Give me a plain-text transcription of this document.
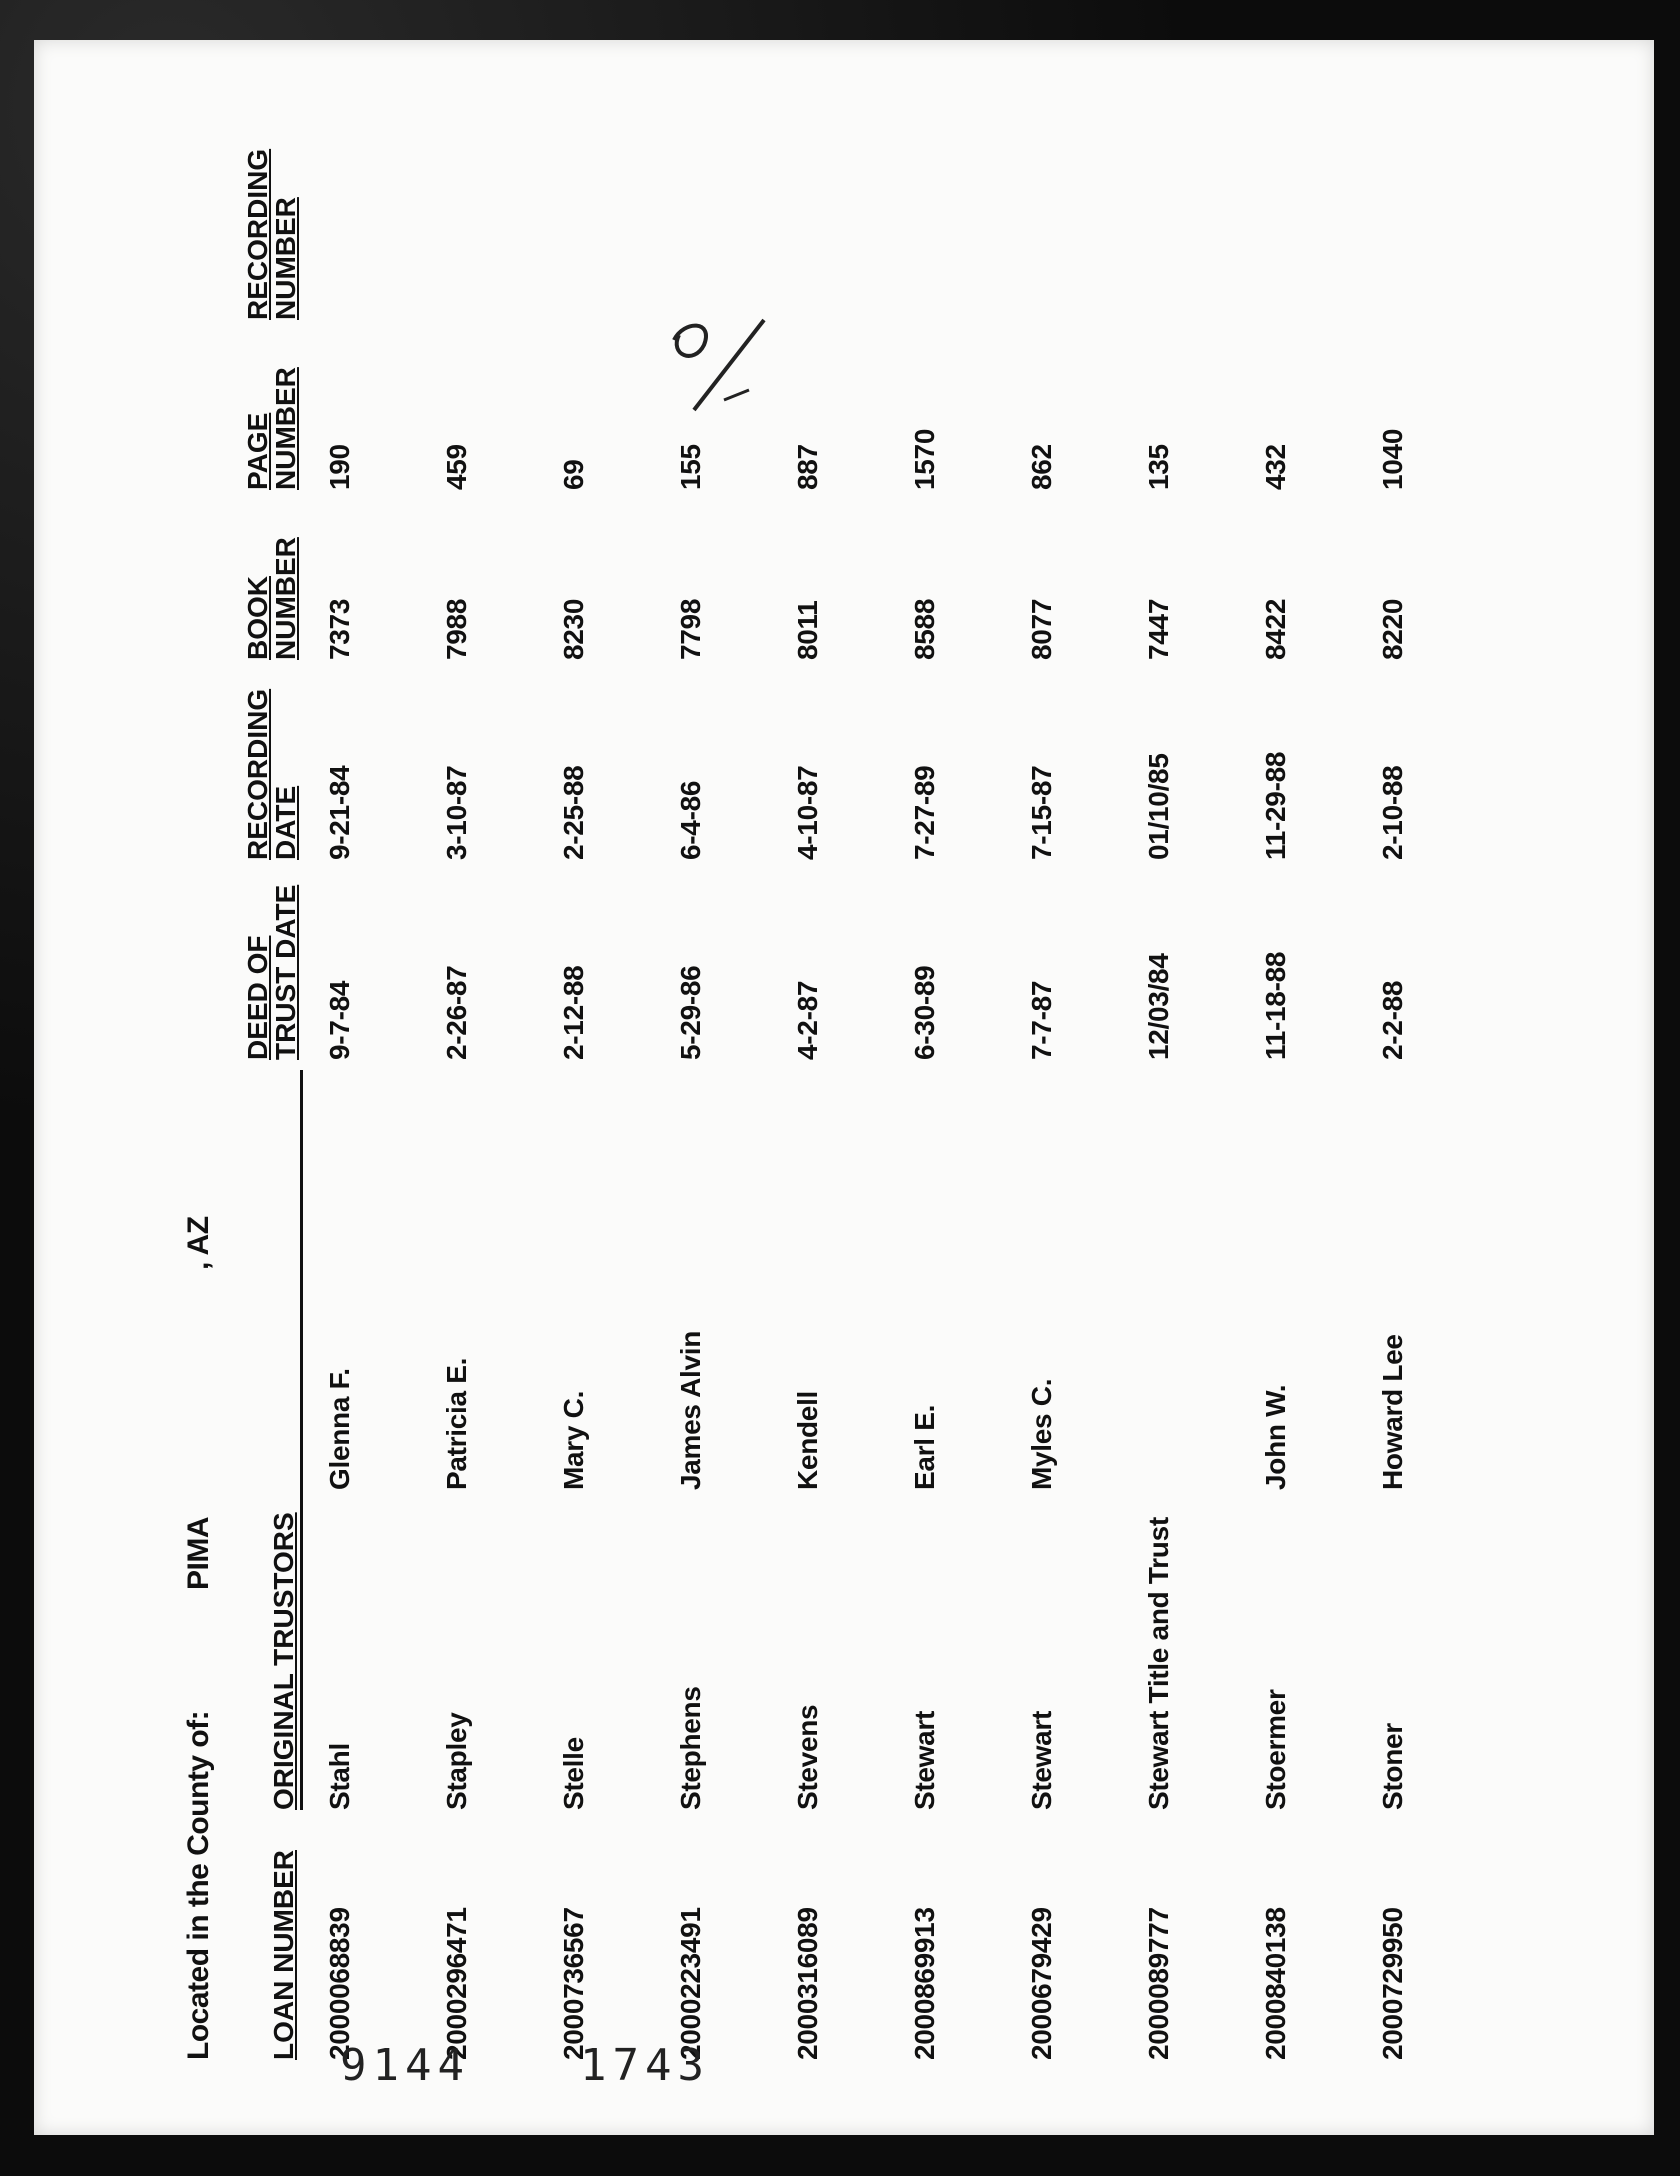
Located in the County of:
PIMA
, AZ
LOAN NUMBER
ORIGINAL TRUSTORS
DEED OF
TRUST DATE
RECORDING
DATE
BOOK
NUMBER
PAGE
NUMBER
RECORDING
NUMBER
2000068839
Stahl
Glenna F.
9-7-84
9-21-84
7373
190
2000296471
Stapley
Patricia E.
2-26-87
3-10-87
7988
459
2000736567
Stelle
Mary C.
2-12-88
2-25-88
8230
69
2000223491
Stephens
James Alvin
5-29-86
6-4-86
7798
155
2000316089
Stevens
Kendell
4-2-87
4-10-87
8011
887
2000869913
Stewart
Earl E.
6-30-89
7-27-89
8588
1570
2000679429
Stewart
Myles C.
7-7-87
7-15-87
8077
862
2000089777
Stewart Title and Trust
12/03/84
01/10/85
7447
135
2000840138
Stoermer
John W.
11-18-88
11-29-88
8422
432
2000729950
Stoner
Howard Lee
2-2-88
2-10-88
8220
1040
9144	1743
